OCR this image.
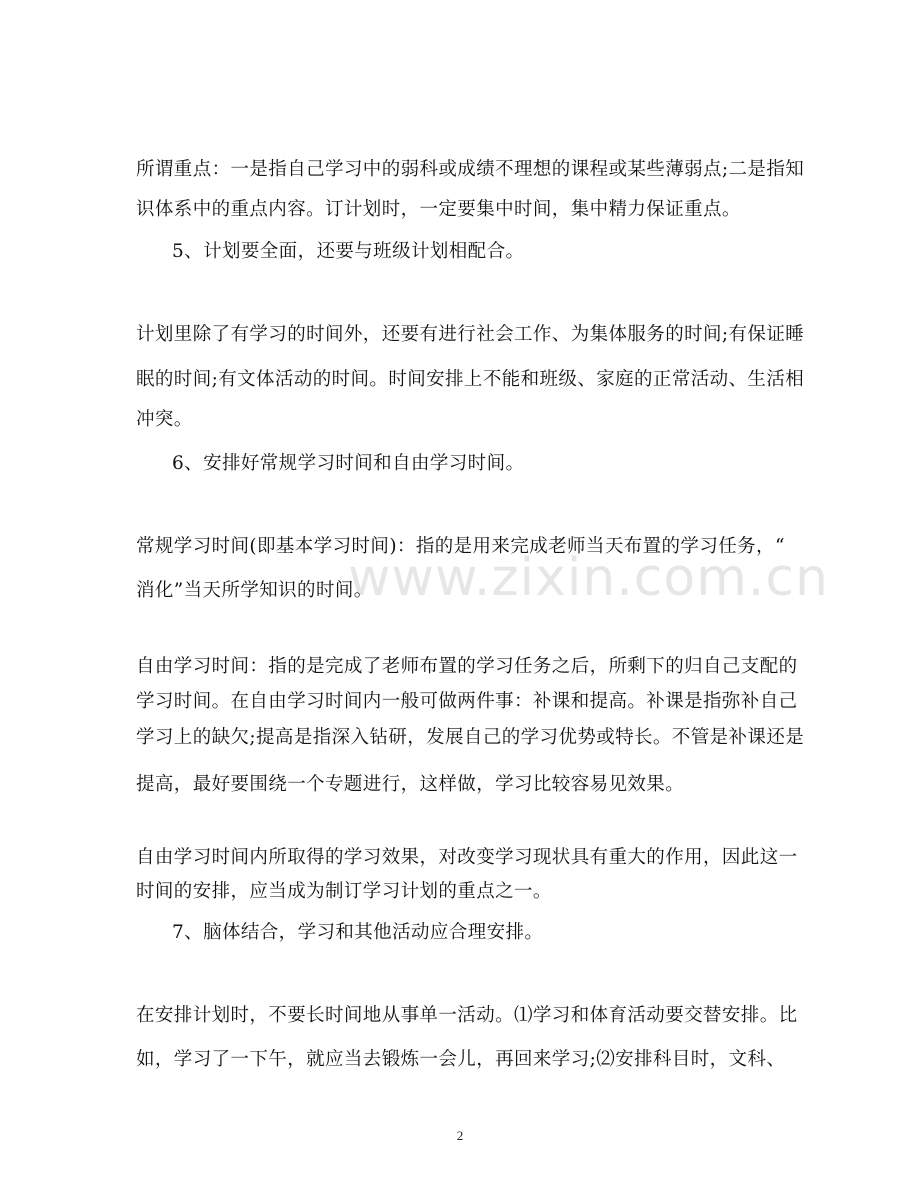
www.zixin.com.cn
所谓重点：一是指自己学习中的弱科或成绩不理想的课程或某些薄弱点;二是指知
识体系中的重点内容。订计划时，一定要集中时间，集中精力保证重点。
5、计划要全面，还要与班级计划相配合。
计划里除了有学习的时间外，还要有进行社会工作、为集体服务的时间;有保证睡
眠的时间;有文体活动的时间。时间安排上不能和班级、家庭的正常活动、生活相
冲突。
6、安排好常规学习时间和自由学习时间。
常规学习时间(即基本学习时间)：指的是用来完成老师当天布置的学习任务，“
消化”当天所学知识的时间。
自由学习时间：指的是完成了老师布置的学习任务之后，所剩下的归自己支配的
学习时间。在自由学习时间内一般可做两件事：补课和提高。补课是指弥补自己
学习上的缺欠;提高是指深入钻研，发展自己的学习优势或特长。不管是补课还是
提高，最好要围绕一个专题进行，这样做，学习比较容易见效果。
自由学习时间内所取得的学习效果，对改变学习现状具有重大的作用，因此这一
时间的安排，应当成为制订学习计划的重点之一。
7、脑体结合，学习和其他活动应合理安排。
在安排计划时，不要长时间地从事单一活动。⑴学习和体育活动要交替安排。比
如，学习了一下午，就应当去锻炼一会儿，再回来学习;⑵安排科目时，文科、
2
